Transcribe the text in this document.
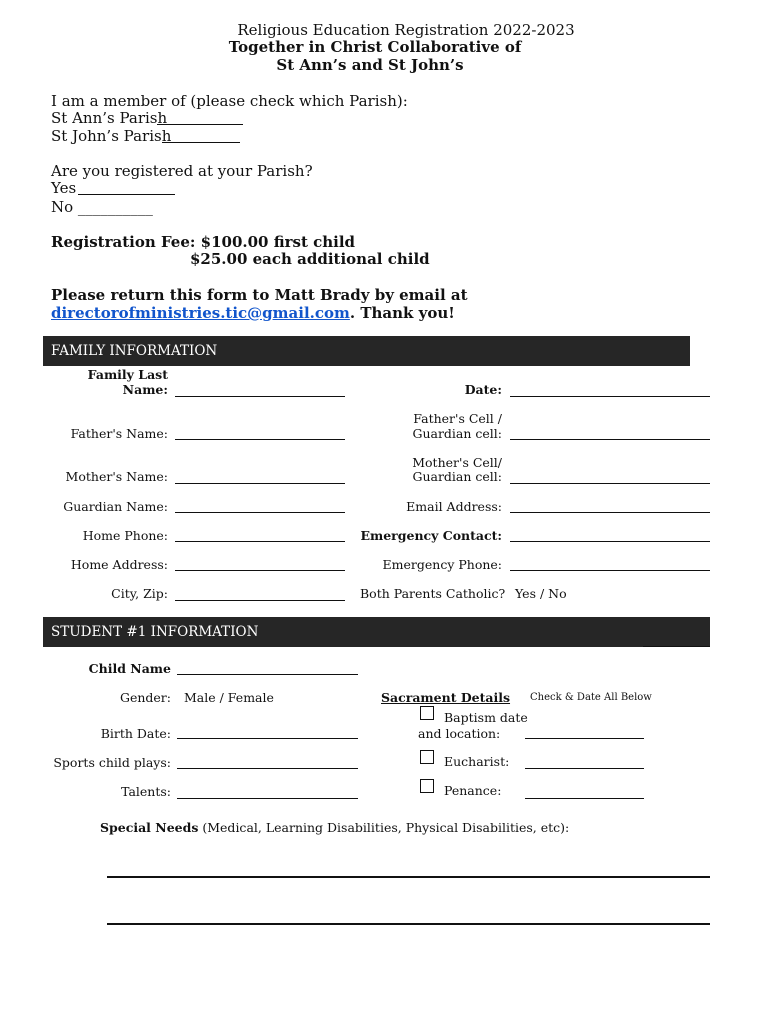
Religious Education Registration 2022-2023
Together in Christ Collaborative of
St Ann’s and St John’s
I am a member of (please check which Parish):
St Ann’s Parish
St John’s Parish
Are you registered at your Parish?
Yes
No __________
Registration Fee: $100.00 first child
$25.00 each additional child
Please return this form to Matt Brady by email at
directorofministries.tic@gmail.com. Thank you!
FAMILY INFORMATION
Family Last
Name:
Father's Name:
Mother's Name:
Guardian Name:
Home Phone:
Home Address:
City, Zip:
Date:
Father's Cell /
Guardian cell:
Mother's Cell/
Guardian cell:
Email Address:
Emergency Contact:
Emergency Phone:
Both Parents Catholic? Yes / No
STUDENT #1 INFORMATION
Child Name
Gender: Male / Female
Birth Date:
Sports child plays:
Talents:
Sacrament Details Check & Date All Below
Baptism date
and location:
Eucharist:
Penance:
Special Needs (Medical, Learning Disabilities, Physical Disabilities, etc):
